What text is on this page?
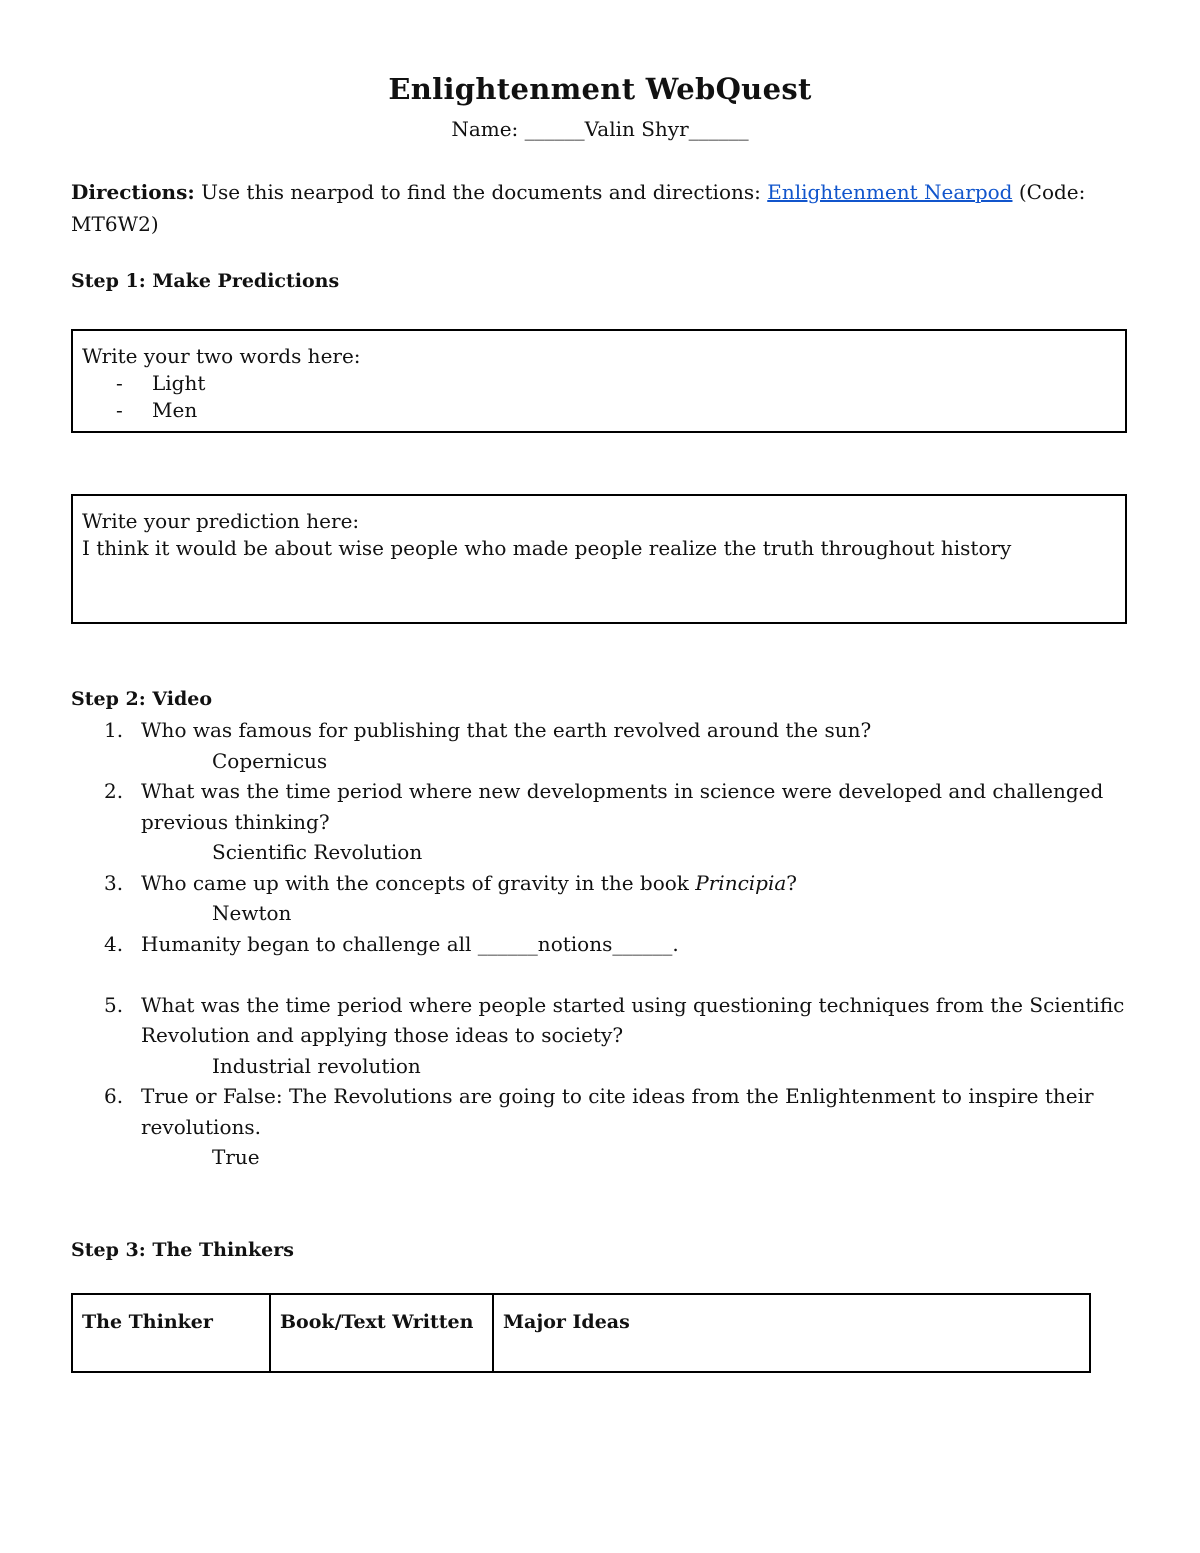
Enlightenment WebQuest
Name: ______Valin Shyr______
Directions: Use this nearpod to find the documents and directions: Enlightenment Nearpod (Code: MT6W2)
Step 1: Make Predictions
Write your two words here:
- Light
- Men
Write your prediction here:
I think it would be about wise people who made people realize the truth throughout history
Step 2: Video
1. Who was famous for publishing that the earth revolved around the sun?
Copernicus
2. What was the time period where new developments in science were developed and challenged previous thinking?
Scientific Revolution
3. Who came up with the concepts of gravity in the book Principia?
Newton
4. Humanity began to challenge all ______notions______.
5. What was the time period where people started using questioning techniques from the Scientific Revolution and applying those ideas to society?
Industrial revolution
6. True or False: The Revolutions are going to cite ideas from the Enlightenment to inspire their revolutions.
True
Step 3: The Thinkers
The Thinker	Book/Text Written	Major Ideas
